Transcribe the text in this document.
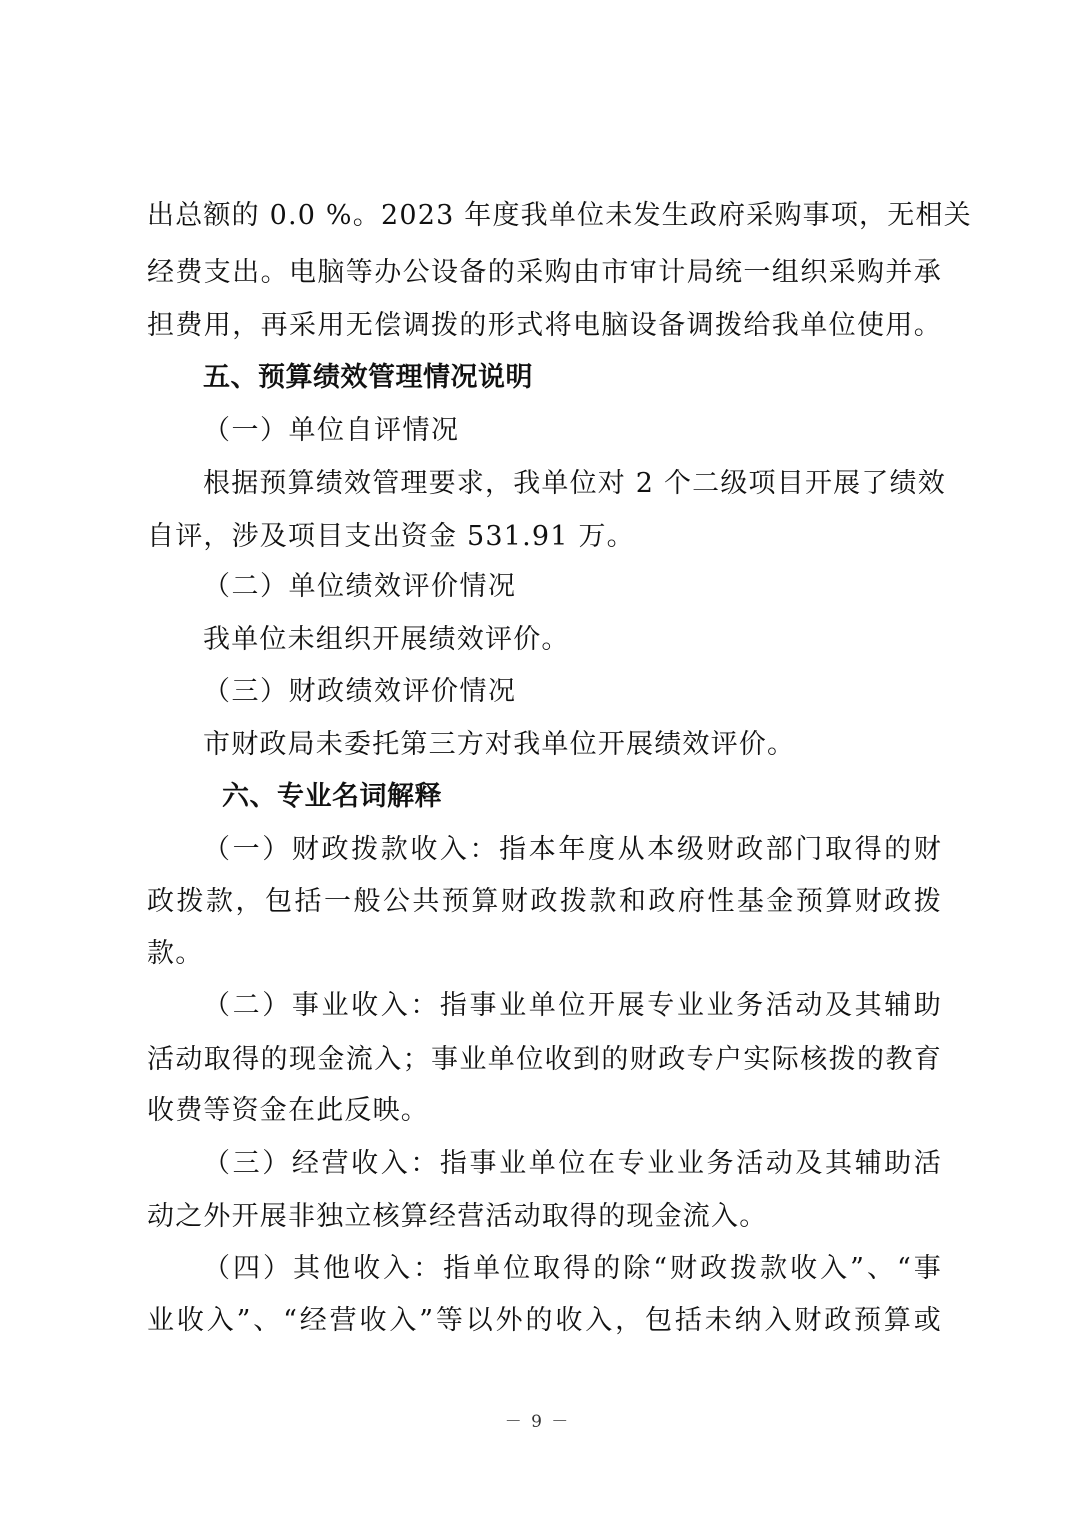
出总额的 0.0 %。2023 年度我单位未发生政府采购事项，无相关
经费支出。电脑等办公设备的采购由市审计局统一组织采购并承
担费用，再采用无偿调拨的形式将电脑设备调拨给我单位使用。
五、预算绩效管理情况说明
（一）单位自评情况
根据预算绩效管理要求，我单位对 2 个二级项目开展了绩效
自评，涉及项目支出资金 531.91 万。
（二）单位绩效评价情况
我单位未组织开展绩效评价。
（三）财政绩效评价情况
市财政局未委托第三方对我单位开展绩效评价。
六、专业名词解释
（一）财政拨款收入：指本年度从本级财政部门取得的财
政拨款，包括一般公共预算财政拨款和政府性基金预算财政拨
款。
（二）事业收入：指事业单位开展专业业务活动及其辅助
活动取得的现金流入；事业单位收到的财政专户实际核拨的教育
收费等资金在此反映。
（三）经营收入：指事业单位在专业业务活动及其辅助活
动之外开展非独立核算经营活动取得的现金流入。
（四）其他收入：指单位取得的除“财政拨款收入”、“事
业收入”、“经营收入”等以外的收入，包括未纳入财政预算或
－ 9 －
